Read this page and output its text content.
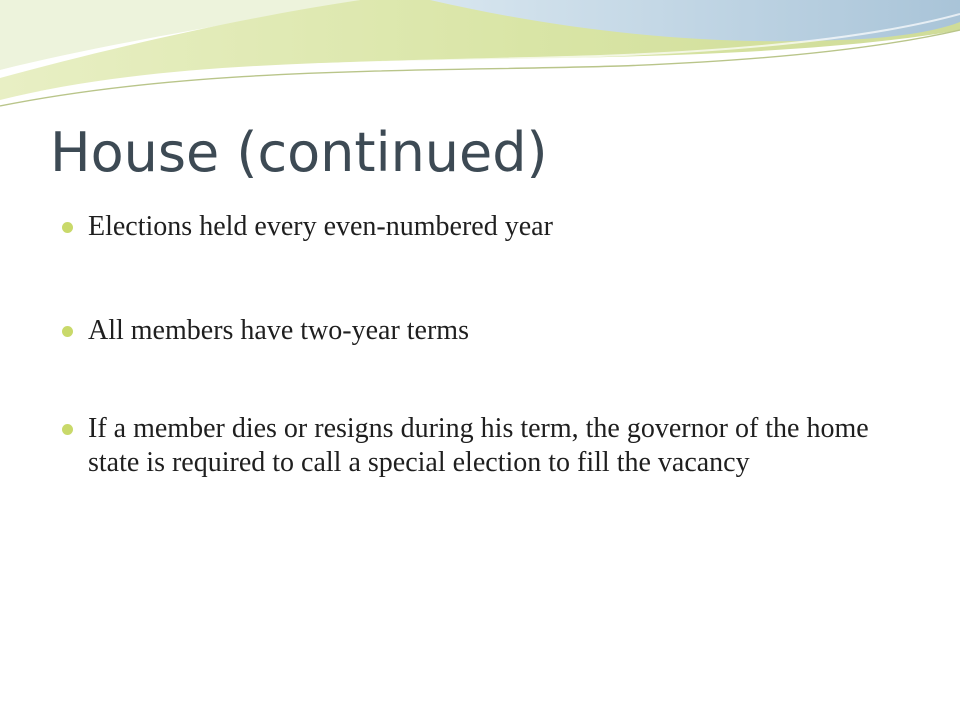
House (continued)
Elections held every even-numbered year
All members have two-year terms
If a member dies or resigns during his term, the governor of the home state is required to call a special election to fill the vacancy
